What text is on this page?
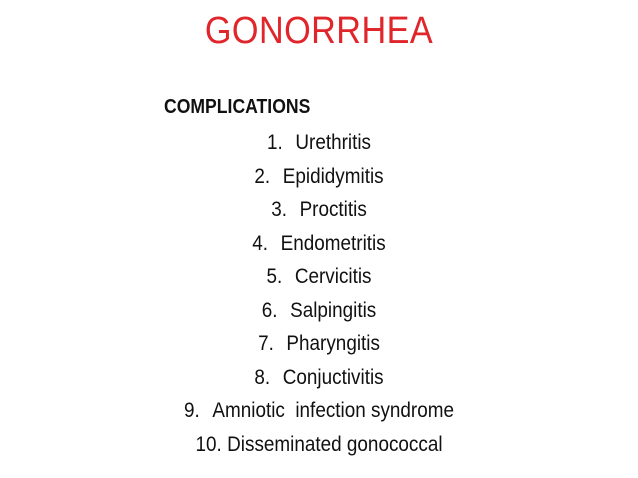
GONORRHEA
COMPLICATIONS
1. Urethritis
2. Epididymitis
3. Proctitis
4. Endometritis
5. Cervicitis
6. Salpingitis
7. Pharyngitis
8. Conjuctivitis
9. Amniotic  infection syndrome
10. Disseminated gonococcal
